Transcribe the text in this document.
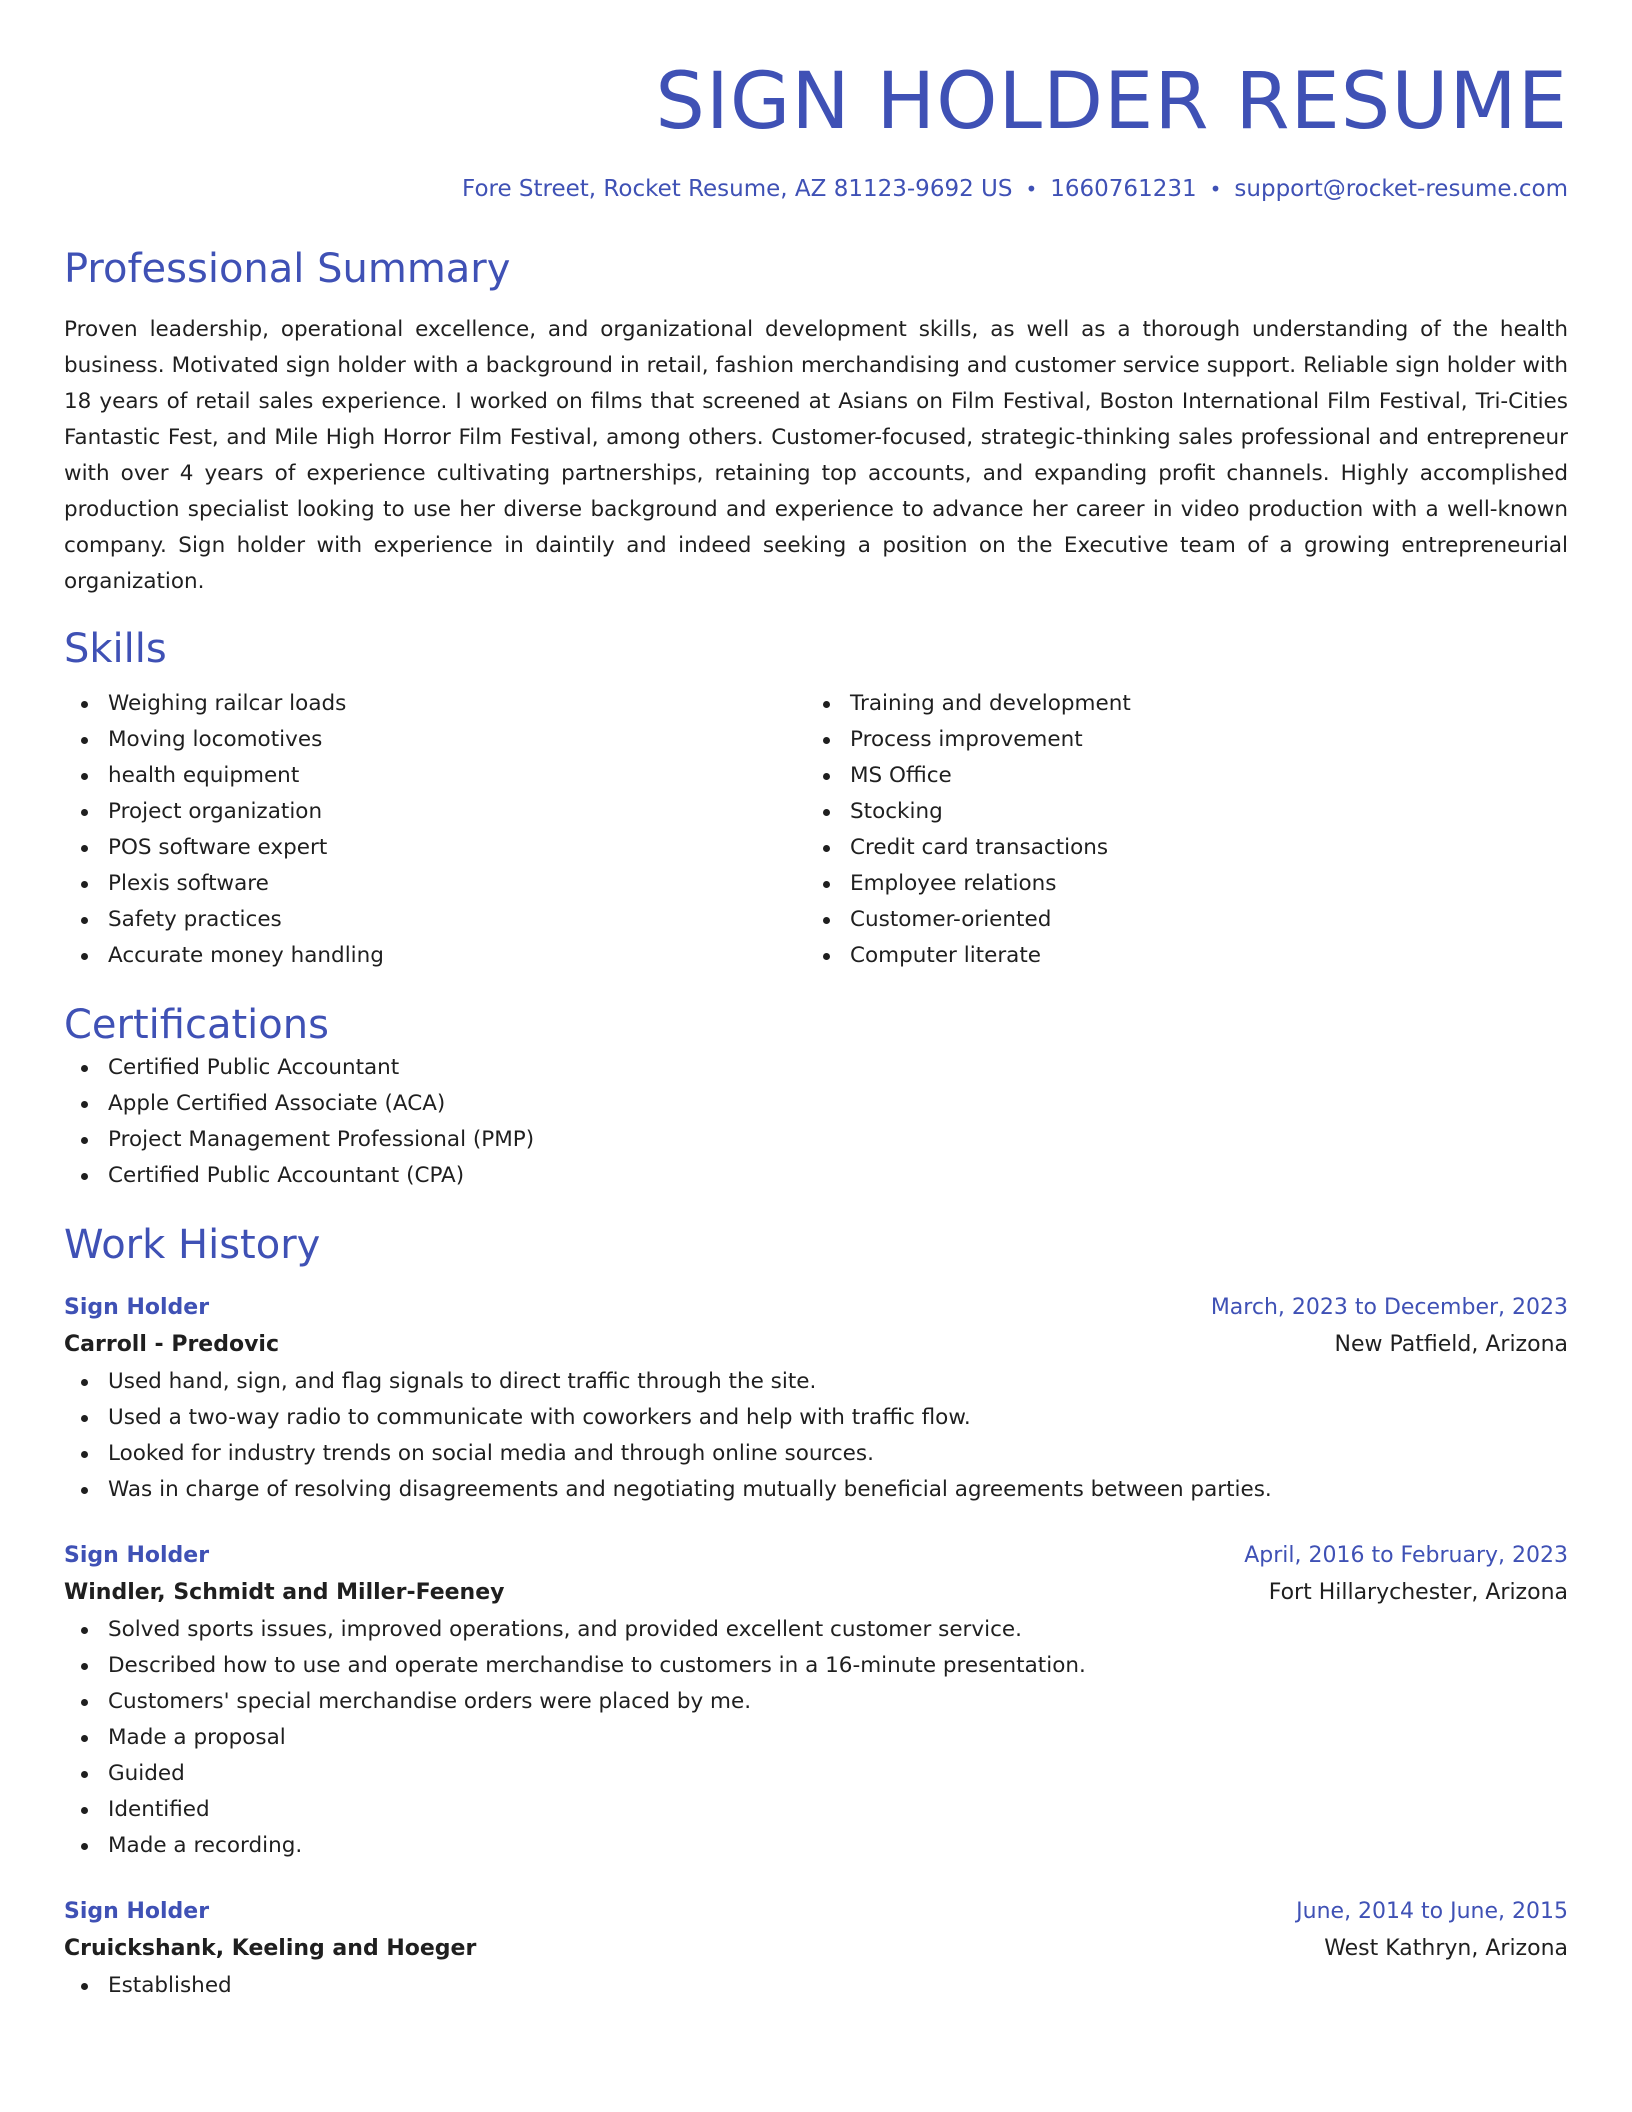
SIGN HOLDER RESUME
Fore Street, Rocket Resume, AZ 81123-9692 US • 1660761231 • support@rocket-resume.com
Professional Summary

Proven leadership, operational excellence, and organizational development skills, as well as a thorough understanding of the health business. Motivated sign holder with a background in retail, fashion merchandising and customer service support. Reliable sign holder with 18 years of retail sales experience. I worked on films that screened at Asians on Film Festival, Boston International Film Festival, Tri-Cities Fantastic Fest, and Mile High Horror Film Festival, among others. Customer-focused, strategic-thinking sales professional and entrepreneur with over 4 years of experience cultivating partnerships, retaining top accounts, and expanding profit channels. Highly accomplished production specialist looking to use her diverse background and experience to advance her career in video production with a well-known company. Sign holder with experience in daintily and indeed seeking a position on the Executive team of a growing entrepreneurial organization.

Skills
Weighing railcar loads
Moving locomotives
health equipment
Project organization
POS software expert
Plexis software
Safety practices
Accurate money handling
Training and development
Process improvement
MS Office
Stocking
Credit card transactions
Employee relations
Customer-oriented
Computer literate
Certifications
Certified Public Accountant
Apple Certified Associate (ACA)
Project Management Professional (PMP)
Certified Public Accountant (CPA)
Work History
Sign Holder	March, 2023 to December, 2023
Carroll - Predovic	New Patfield, Arizona
Used hand, sign, and flag signals to direct traffic through the site.
Used a two-way radio to communicate with coworkers and help with traffic flow.
Looked for industry trends on social media and through online sources.
Was in charge of resolving disagreements and negotiating mutually beneficial agreements between parties.
Sign Holder	April, 2016 to February, 2023
Windler, Schmidt and Miller-Feeney	Fort Hillarychester, Arizona
Solved sports issues, improved operations, and provided excellent customer service.
Described how to use and operate merchandise to customers in a 16-minute presentation.
Customers' special merchandise orders were placed by me.
Made a proposal
Guided
Identified
Made a recording.
Sign Holder	June, 2014 to June, 2015
Cruickshank, Keeling and Hoeger	West Kathryn, Arizona
Established
